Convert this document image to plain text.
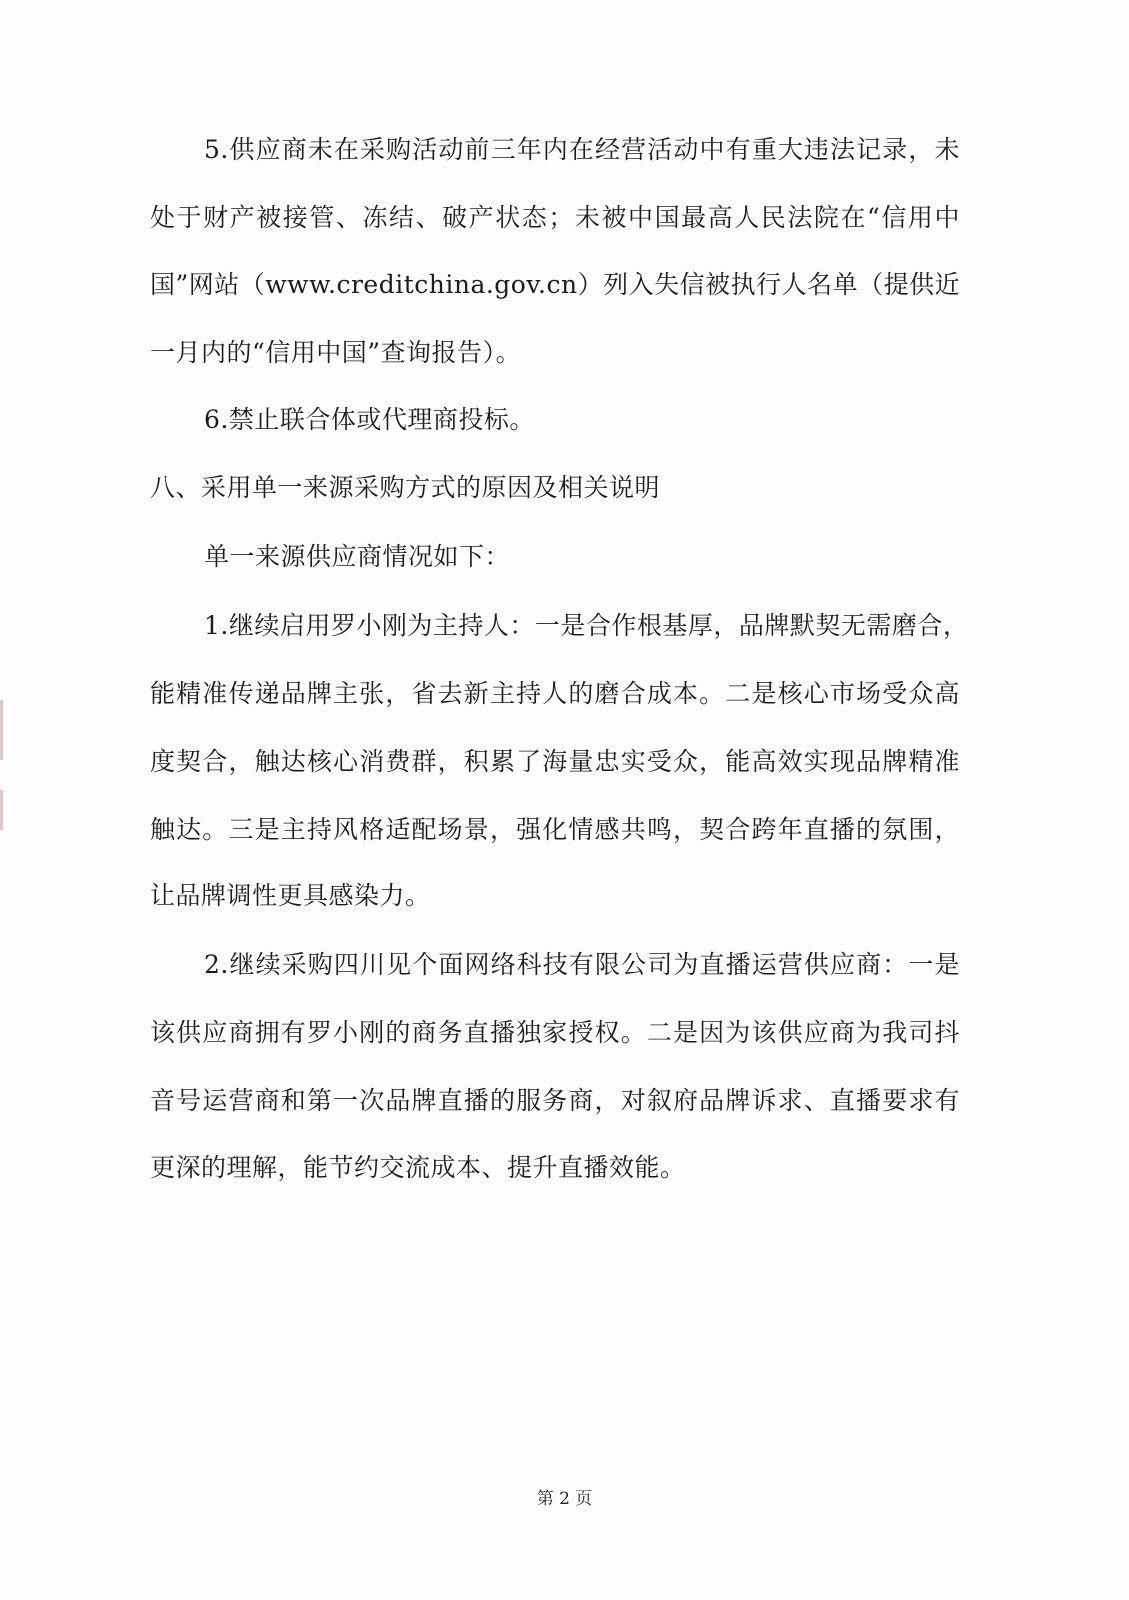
5.供应商未在采购活动前三年内在经营活动中有重大违法记录，未
处于财产被接管、冻结、破产状态；未被中国最高人民法院在“信用中
国”网站（www.creditchina.gov.cn）列入失信被执行人名单（提供近
一月内的“信用中国”查询报告）。
6.禁止联合体或代理商投标。
八、采用单一来源采购方式的原因及相关说明
单一来源供应商情况如下：
1.继续启用罗小刚为主持人：一是合作根基厚，品牌默契无需磨合，
能精准传递品牌主张，省去新主持人的磨合成本。二是核心市场受众高
度契合，触达核心消费群，积累了海量忠实受众，能高效实现品牌精准
触达。三是主持风格适配场景，强化情感共鸣，契合跨年直播的氛围，
让品牌调性更具感染力。
2.继续采购四川见个面网络科技有限公司为直播运营供应商：一是
该供应商拥有罗小刚的商务直播独家授权。二是因为该供应商为我司抖
音号运营商和第一次品牌直播的服务商，对叙府品牌诉求、直播要求有
更深的理解，能节约交流成本、提升直播效能。
第 2 页
